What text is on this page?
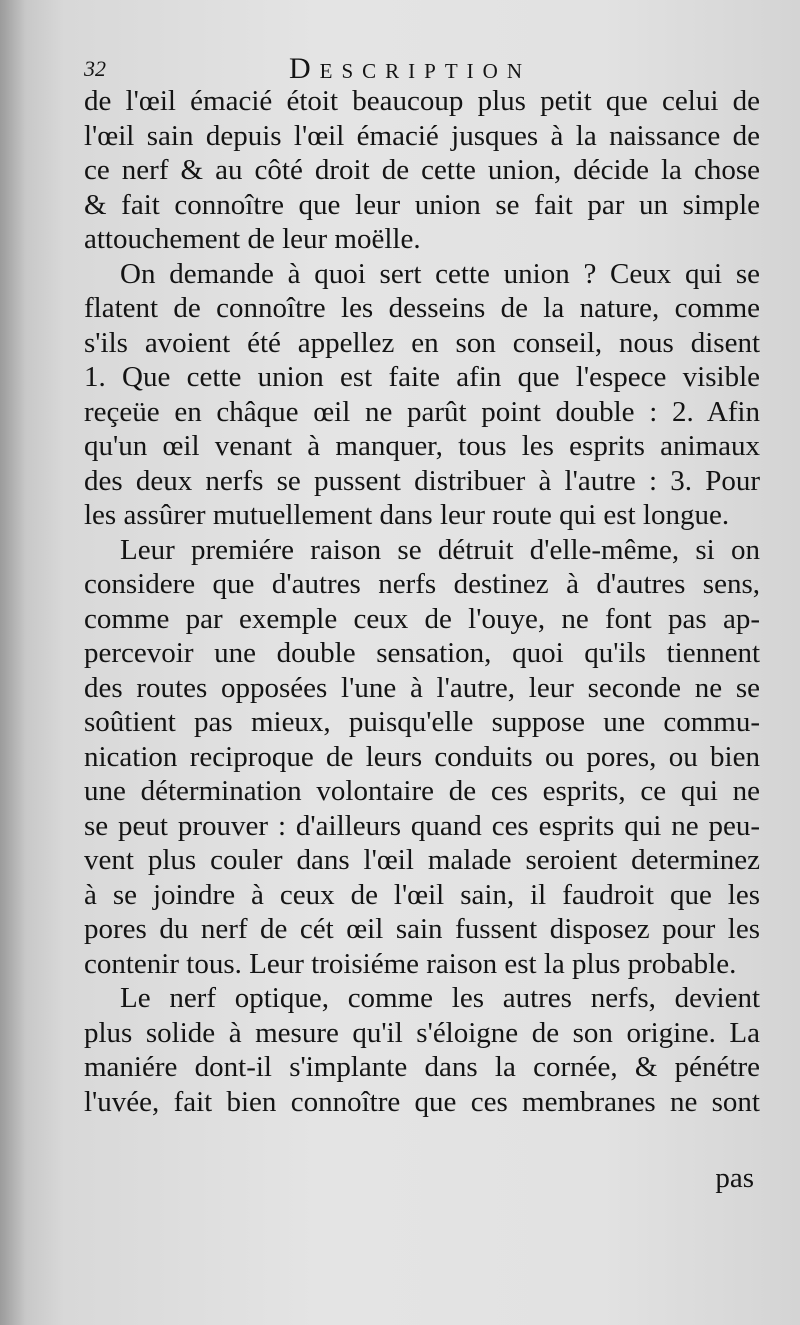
32	Description
de l'œil émacié étoit beaucoup plus petit que celui de
l'œil sain depuis l'œil émacié jusques à la naissance de
ce nerf & au côté droit de cette union, décide la chose
& fait connoître que leur union se fait par un simple
attouchement de leur moëlle.
On demande à quoi sert cette union ? Ceux qui se
flatent de connoître les desseins de la nature, comme
s'ils avoient été appellez en son conseil, nous disent
1. Que cette union est faite afin que l'espece visible
reçeüe en châque œil ne parût point double : 2. Afin
qu'un œil venant à manquer, tous les esprits animaux
des deux nerfs se pussent distribuer à l'autre : 3. Pour
les assûrer mutuellement dans leur route qui est longue.
Leur premiére raison se détruit d'elle-même, si on
considere que d'autres nerfs destinez à d'autres sens,
comme par exemple ceux de l'ouye, ne font pas ap-
percevoir une double sensation, quoi qu'ils tiennent
des routes opposées l'une à l'autre, leur seconde ne se
soûtient pas mieux, puisqu'elle suppose une commu-
nication reciproque de leurs conduits ou pores, ou bien
une détermination volontaire de ces esprits, ce qui ne
se peut prouver : d'ailleurs quand ces esprits qui ne peu-
vent plus couler dans l'œil malade seroient determinez
à se joindre à ceux de l'œil sain, il faudroit que les
pores du nerf de cét œil sain fussent disposez pour les
contenir tous. Leur troisiéme raison est la plus probable.
Le nerf optique, comme les autres nerfs, devient
plus solide à mesure qu'il s'éloigne de son origine. La
maniére dont-il s'implante dans la cornée, & pénétre
l'uvée, fait bien connoître que ces membranes ne sont
pas
